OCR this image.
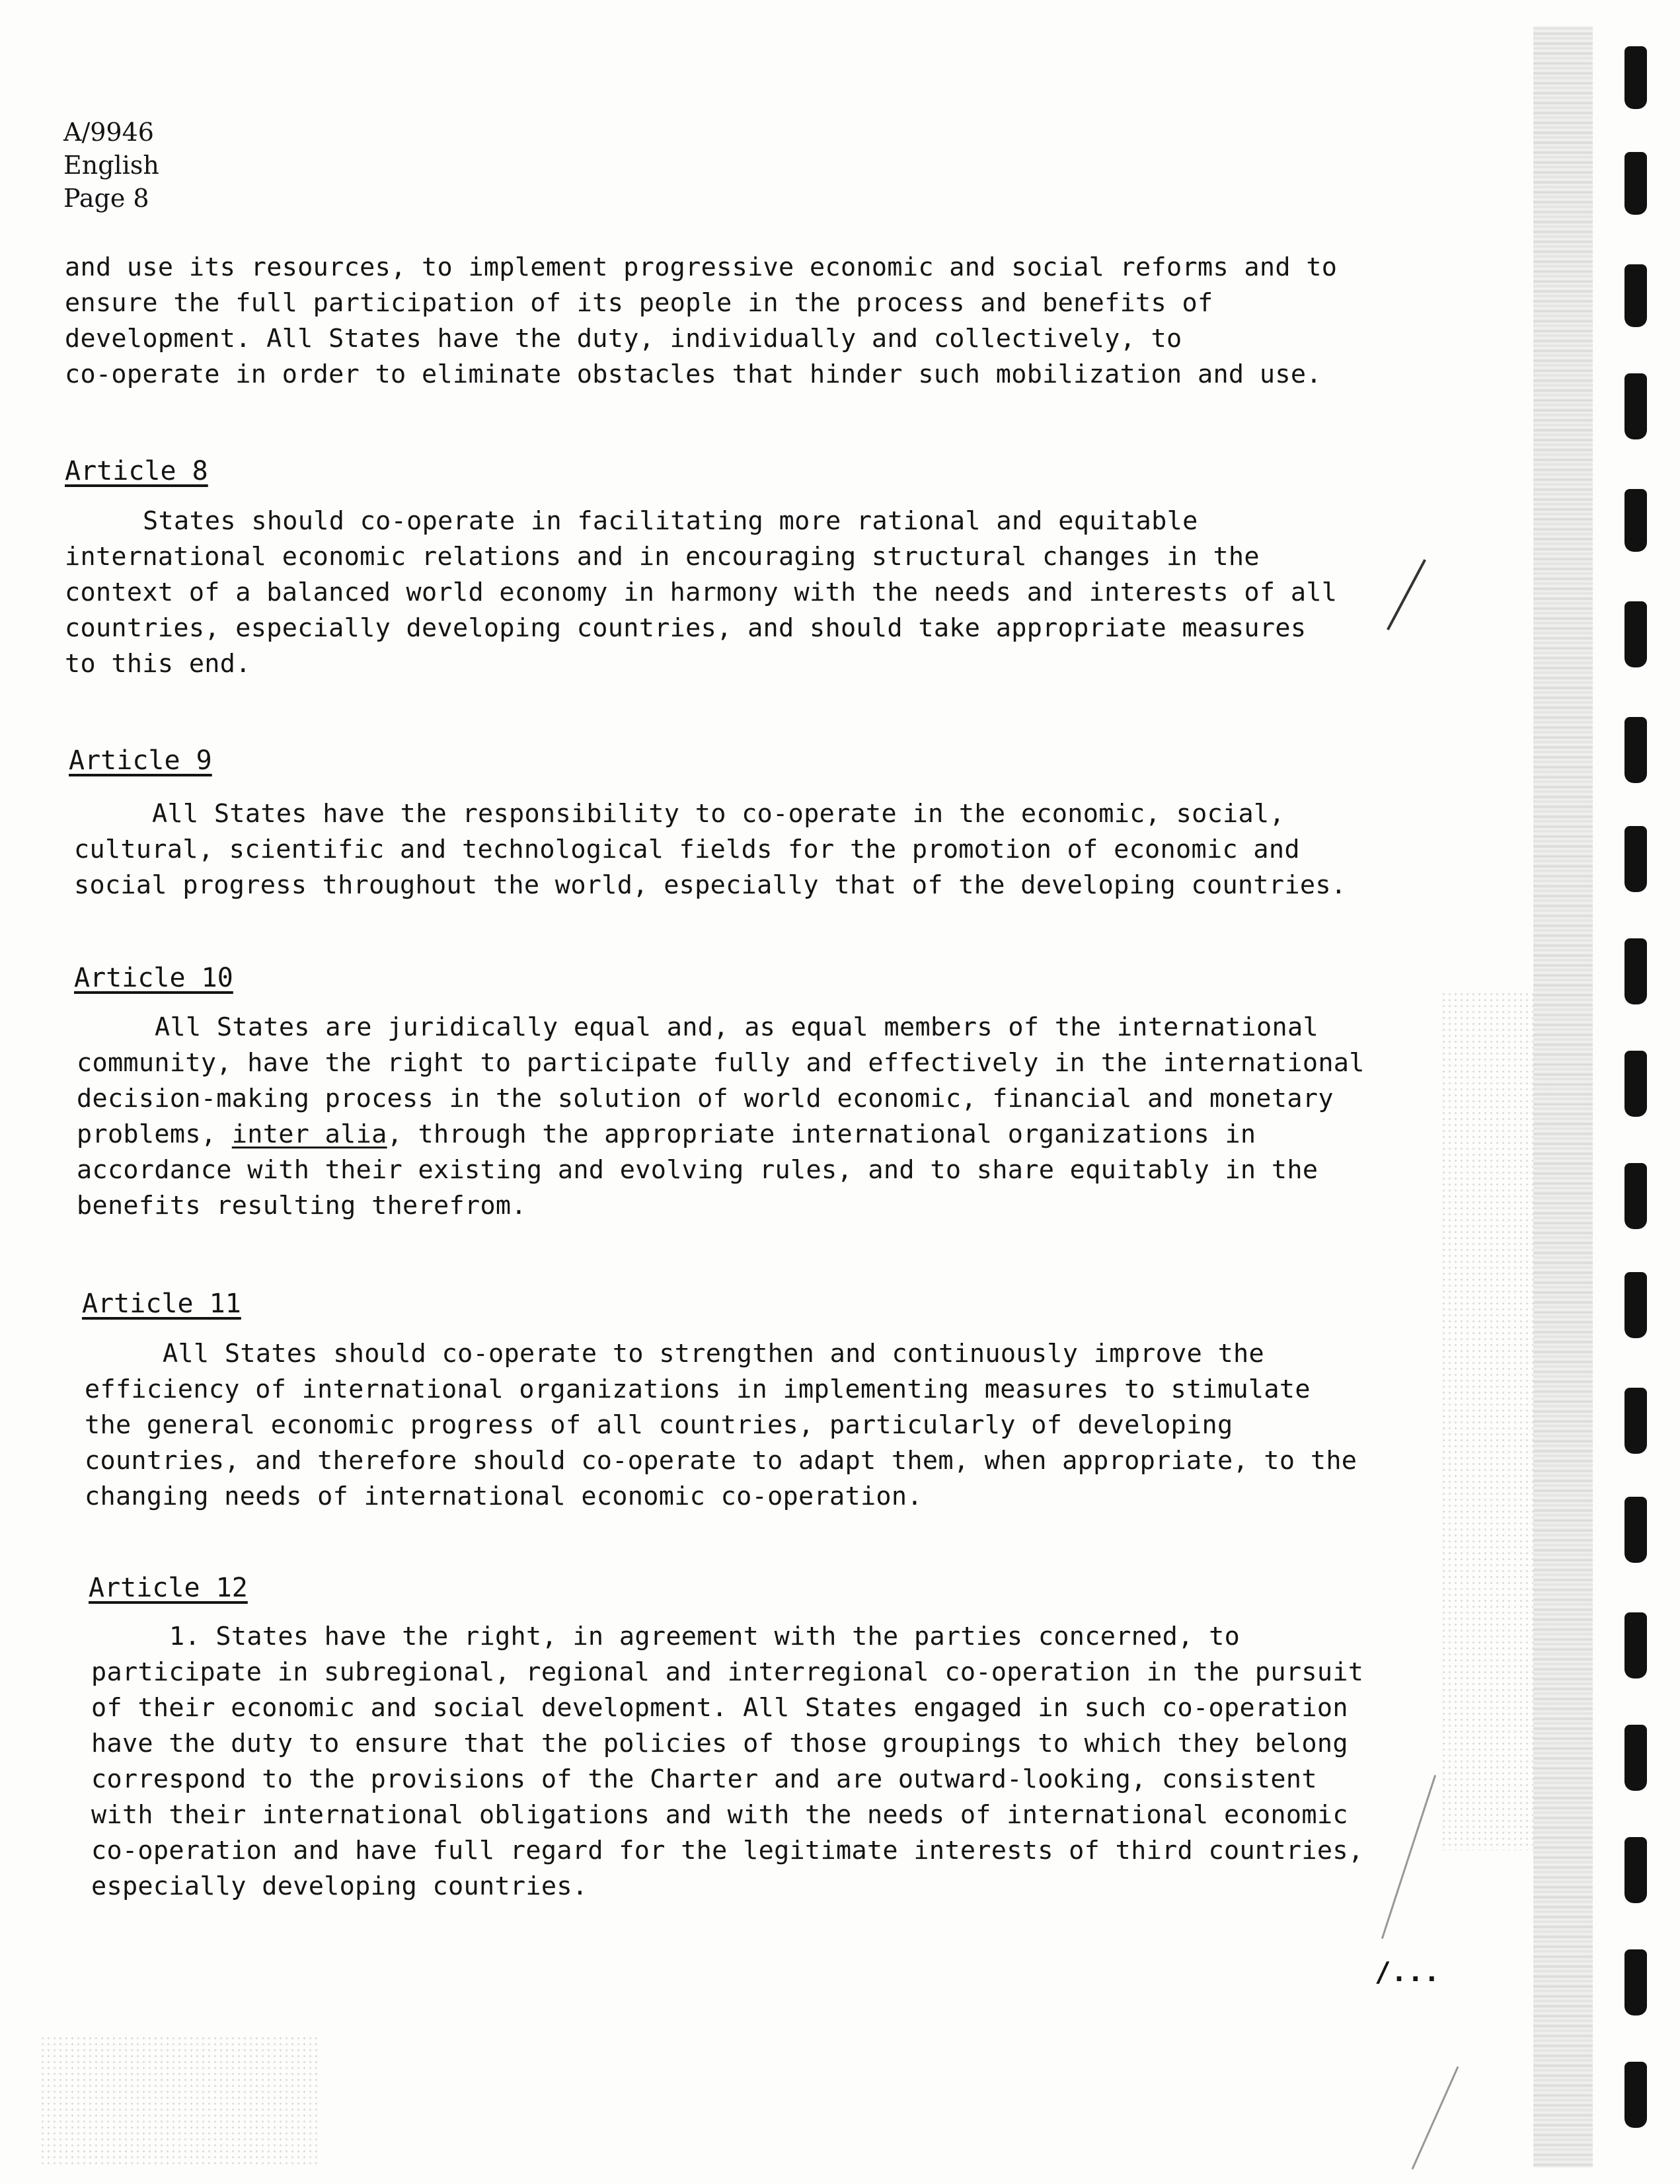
A/9946
English
Page 8

and use its resources, to implement progressive economic and social reforms and to
ensure the full participation of its people in the process and benefits of
development. All States have the duty, individually and collectively, to
co-operate in order to eliminate obstacles that hinder such mobilization and use.

Article 8

States should co-operate in facilitating more rational and equitable
international economic relations and in encouraging structural changes in the
context of a balanced world economy in harmony with the needs and interests of all
countries, especially developing countries, and should take appropriate measures
to this end.

Article 9

All States have the responsibility to co-operate in the economic, social,
cultural, scientific and technological fields for the promotion of economic and
social progress throughout the world, especially that of the developing countries.

Article 10

All States are juridically equal and, as equal members of the international
community, have the right to participate fully and effectively in the international
decision-making process in the solution of world economic, financial and monetary
problems, inter alia, through the appropriate international organizations in
accordance with their existing and evolving rules, and to share equitably in the
benefits resulting therefrom.

Article 11

All States should co-operate to strengthen and continuously improve the
efficiency of international organizations in implementing measures to stimulate
the general economic progress of all countries, particularly of developing
countries, and therefore should co-operate to adapt them, when appropriate, to the
changing needs of international economic co-operation.

Article 12

1. States have the right, in agreement with the parties concerned, to
participate in subregional, regional and interregional co-operation in the pursuit
of their economic and social development. All States engaged in such co-operation
have the duty to ensure that the policies of those groupings to which they belong
correspond to the provisions of the Charter and are outward-looking, consistent
with their international obligations and with the needs of international economic
co-operation and have full regard for the legitimate interests of third countries,
especially developing countries.

/...
